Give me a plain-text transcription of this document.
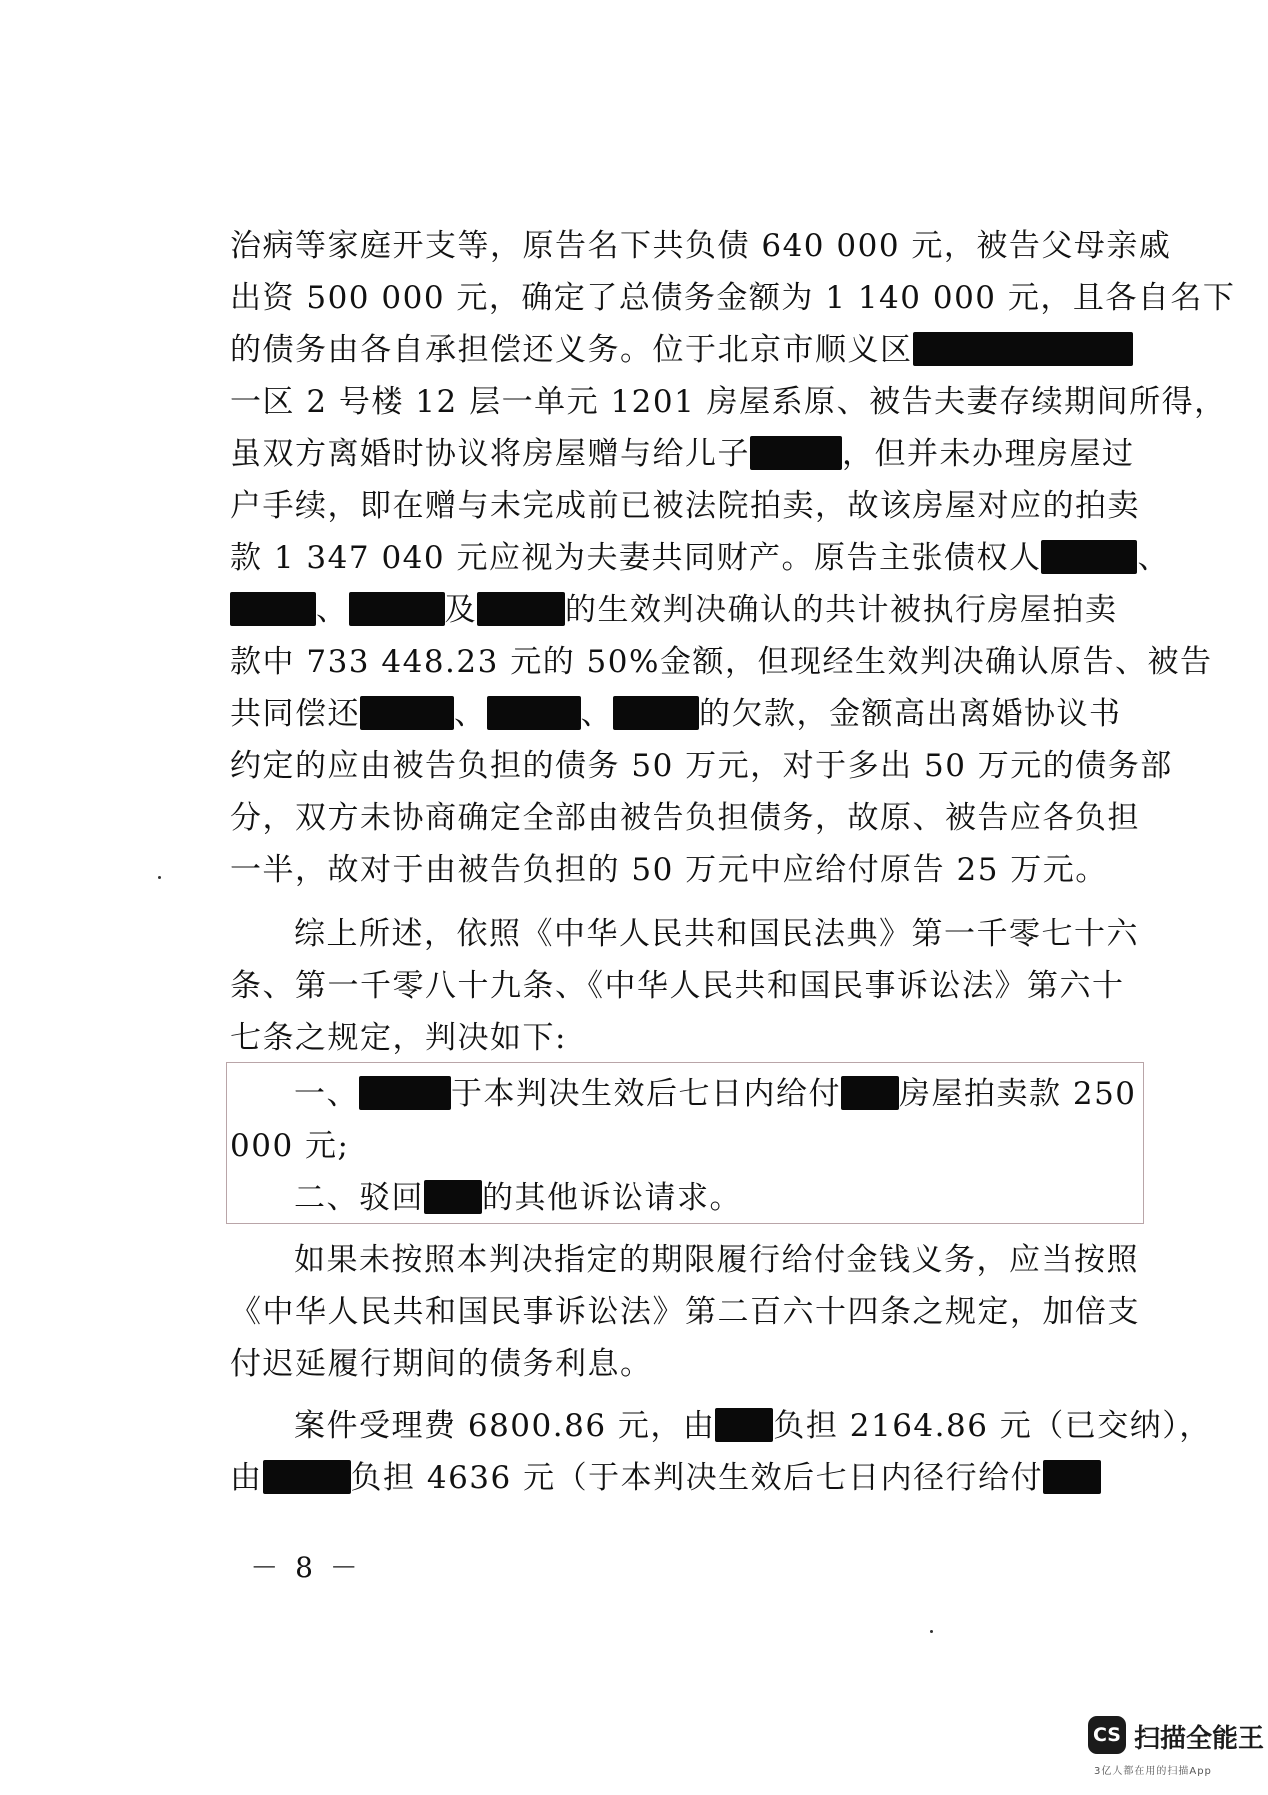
治病等家庭开支等，原告名下共负债 640 000 元，被告父母亲戚
出资 500 000 元，确定了总债务金额为 1 140 000 元，且各自名下
的债务由各自承担偿还义务。位于北京市顺义区
一区 2 号楼 12 层一单元 1201 房屋系原、被告夫妻存续期间所得，
虽双方离婚时协议将房屋赠与给儿子	，但并未办理房屋过
户手续，即在赠与未完成前已被法院拍卖，故该房屋对应的拍卖
款 1 347 040 元应视为夫妻共同财产。原告主张债权人	、
、	及	的生效判决确认的共计被执行房屋拍卖
款中 733 448.23 元的 50%金额，但现经生效判决确认原告、被告
共同偿还	、	、	的欠款，金额高出离婚协议书
约定的应由被告负担的债务 50 万元，对于多出 50 万元的债务部
分，双方未协商确定全部由被告负担债务，故原、被告应各负担
一半，故对于由被告负担的 50 万元中应给付原告 25 万元。
综上所述，依照《中华人民共和国民法典》第一千零七十六
条、第一千零八十九条、《中华人民共和国民事诉讼法》第六十
七条之规定，判决如下:
一、	于本判决生效后七日内给付 房屋拍卖款 250
000 元;
二、驳回 的其他诉讼请求。
如果未按照本判决指定的期限履行给付金钱义务，应当按照
《中华人民共和国民事诉讼法》第二百六十四条之规定，加倍支
付迟延履行期间的债务利息。
案件受理费 6800.86 元，由 负担 2164.86 元（已交纳），
由	负担 4636 元（于本判决生效后七日内径行给付
－ 8 －
CS 扫描全能王
3亿人都在用的扫描App
